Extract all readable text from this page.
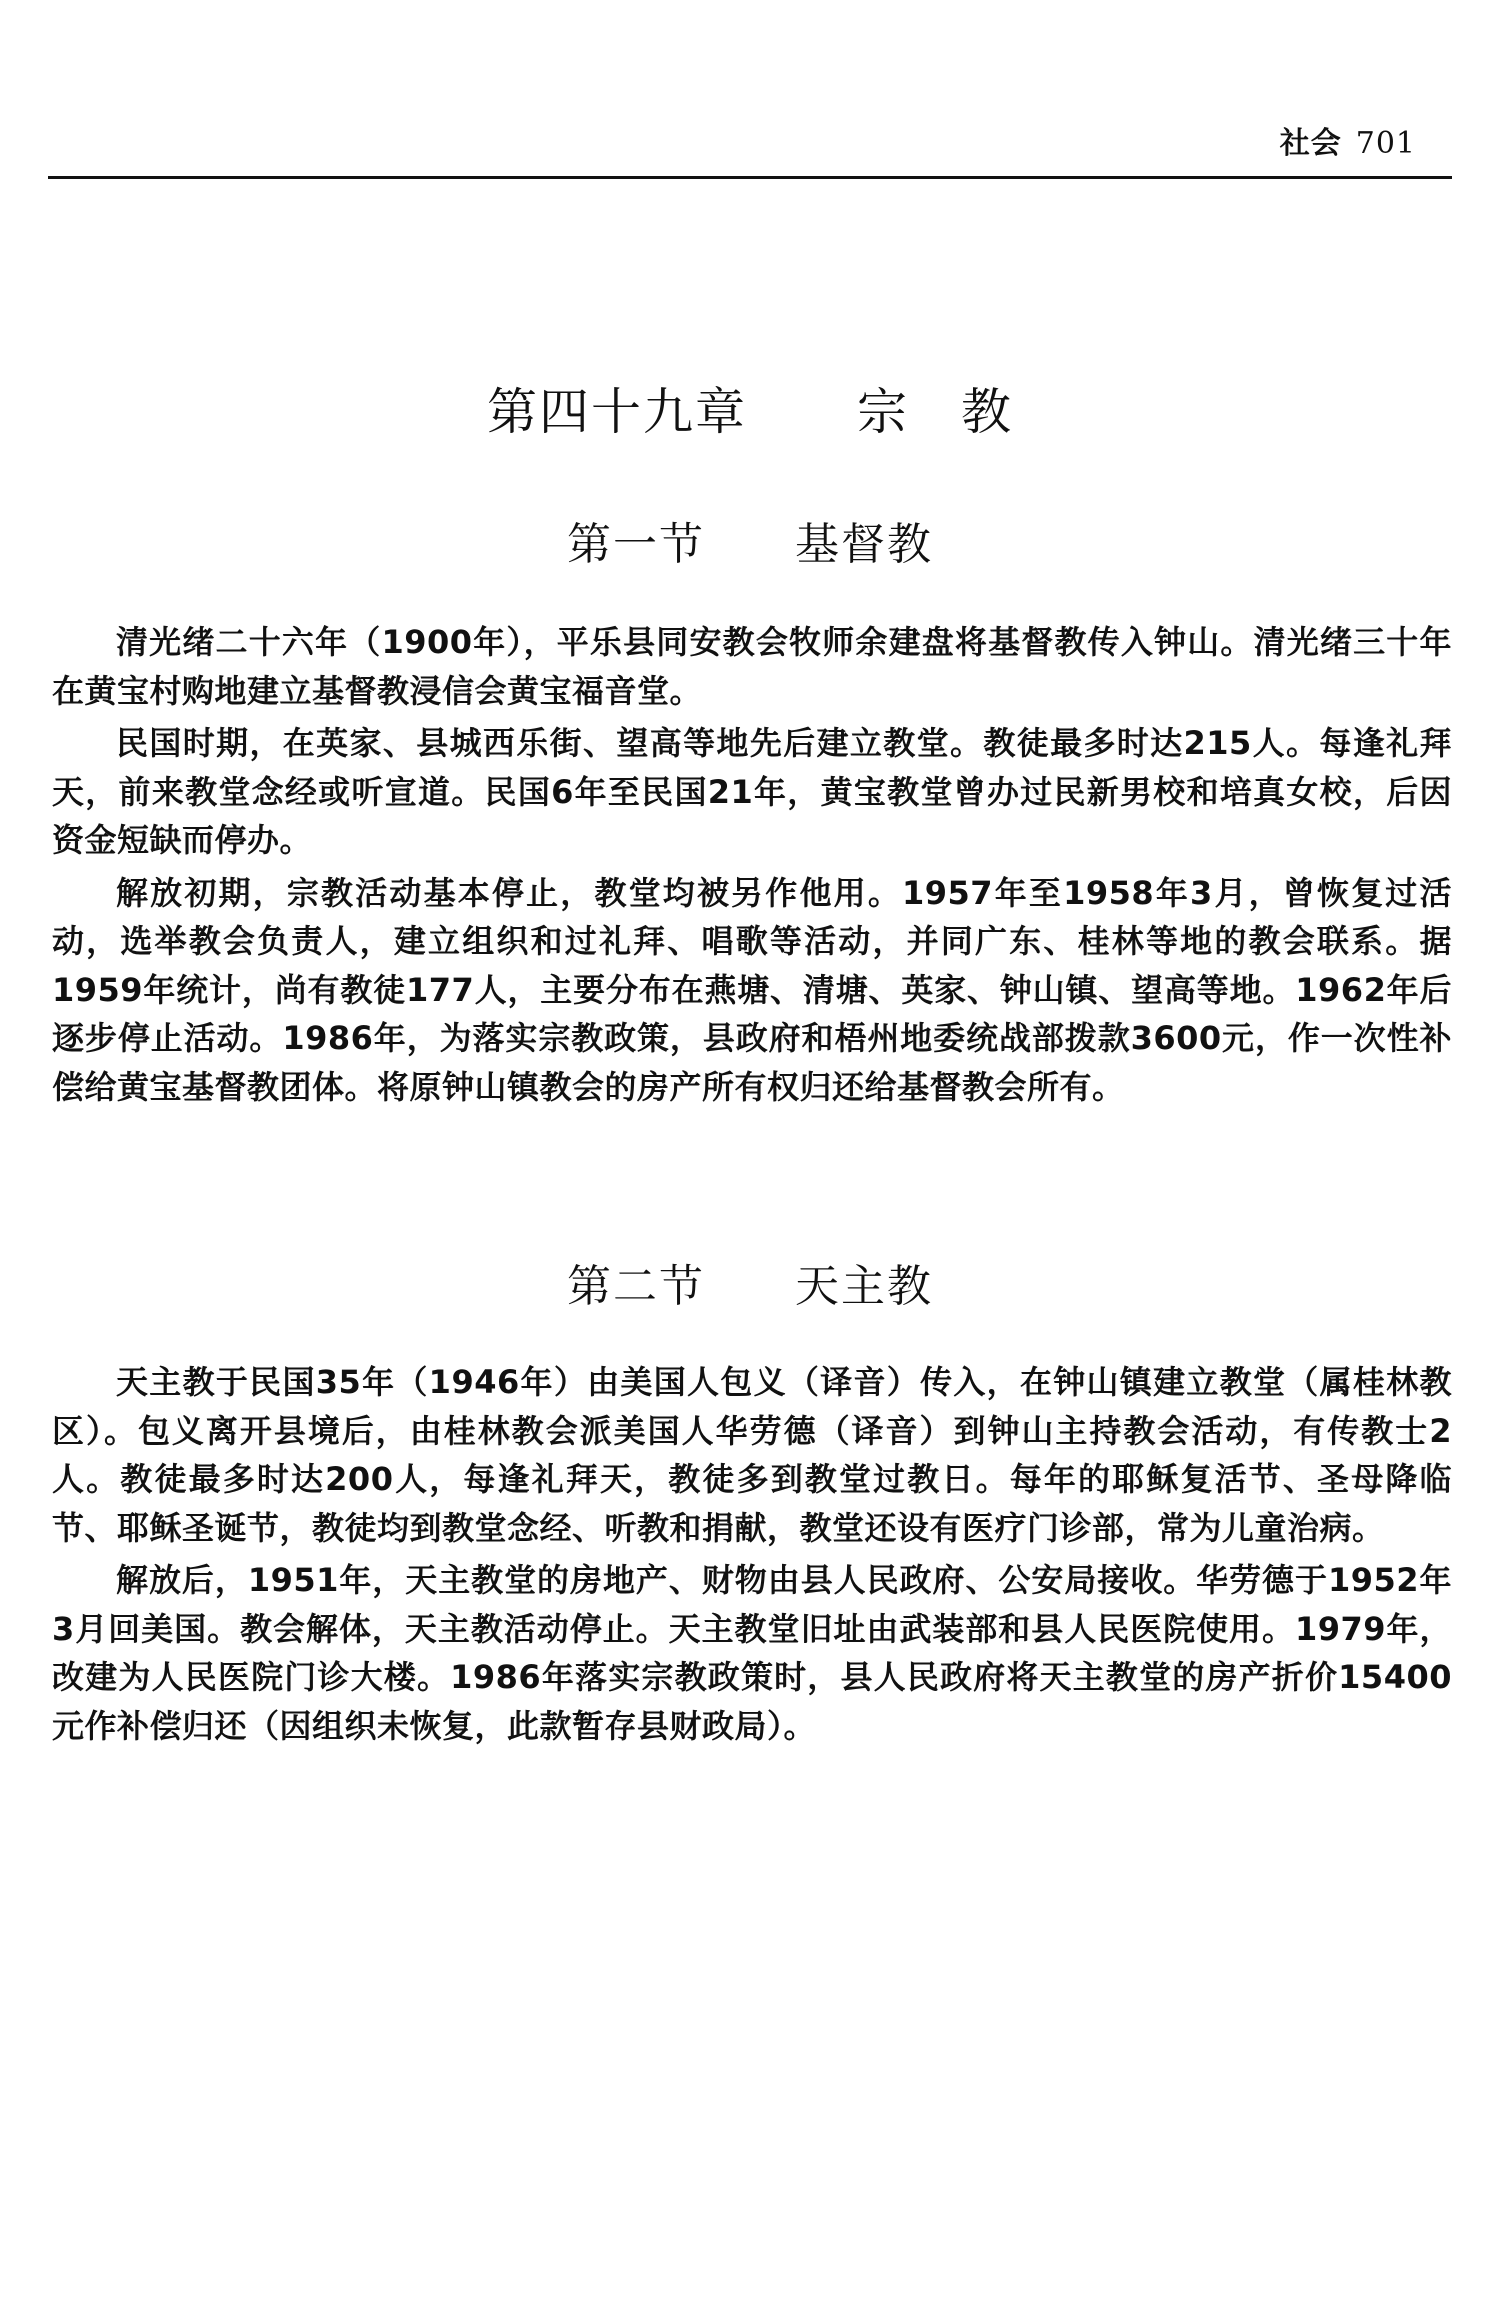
社会 701
第四十九章 宗　教
第一节 基督教

清光绪二十六年（1900年），平乐县同安教会牧师余建盘将基督教传入钟山。清光绪三十年在黄宝村购地建立基督教浸信会黄宝福音堂。

民国时期，在英家、县城西乐街、望高等地先后建立教堂。教徒最多时达215人。每逢礼拜天，前来教堂念经或听宣道。民国6年至民国21年，黄宝教堂曾办过民新男校和培真女校，后因资金短缺而停办。

解放初期，宗教活动基本停止，教堂均被另作他用。1957年至1958年3月，曾恢复过活动，选举教会负责人，建立组织和过礼拜、唱歌等活动，并同广东、桂林等地的教会联系。据1959年统计，尚有教徒177人，主要分布在燕塘、清塘、英家、钟山镇、望高等地。1962年后逐步停止活动。1986年，为落实宗教政策，县政府和梧州地委统战部拨款3600元，作一次性补偿给黄宝基督教团体。将原钟山镇教会的房产所有权归还给基督教会所有。

第二节 天主教

天主教于民国35年（1946年）由美国人包义（译音）传入，在钟山镇建立教堂（属桂林教区）。包义离开县境后，由桂林教会派美国人华劳德（译音）到钟山主持教会活动，有传教士2人。教徒最多时达200人，每逢礼拜天，教徒多到教堂过教日。每年的耶稣复活节、圣母降临节、耶稣圣诞节，教徒均到教堂念经、听教和捐献，教堂还设有医疗门诊部，常为儿童治病。

解放后，1951年，天主教堂的房地产、财物由县人民政府、公安局接收。华劳德于1952年3月回美国。教会解体，天主教活动停止。天主教堂旧址由武装部和县人民医院使用。1979年，改建为人民医院门诊大楼。1986年落实宗教政策时，县人民政府将天主教堂的房产折价15400元作补偿归还（因组织未恢复，此款暂存县财政局）。
